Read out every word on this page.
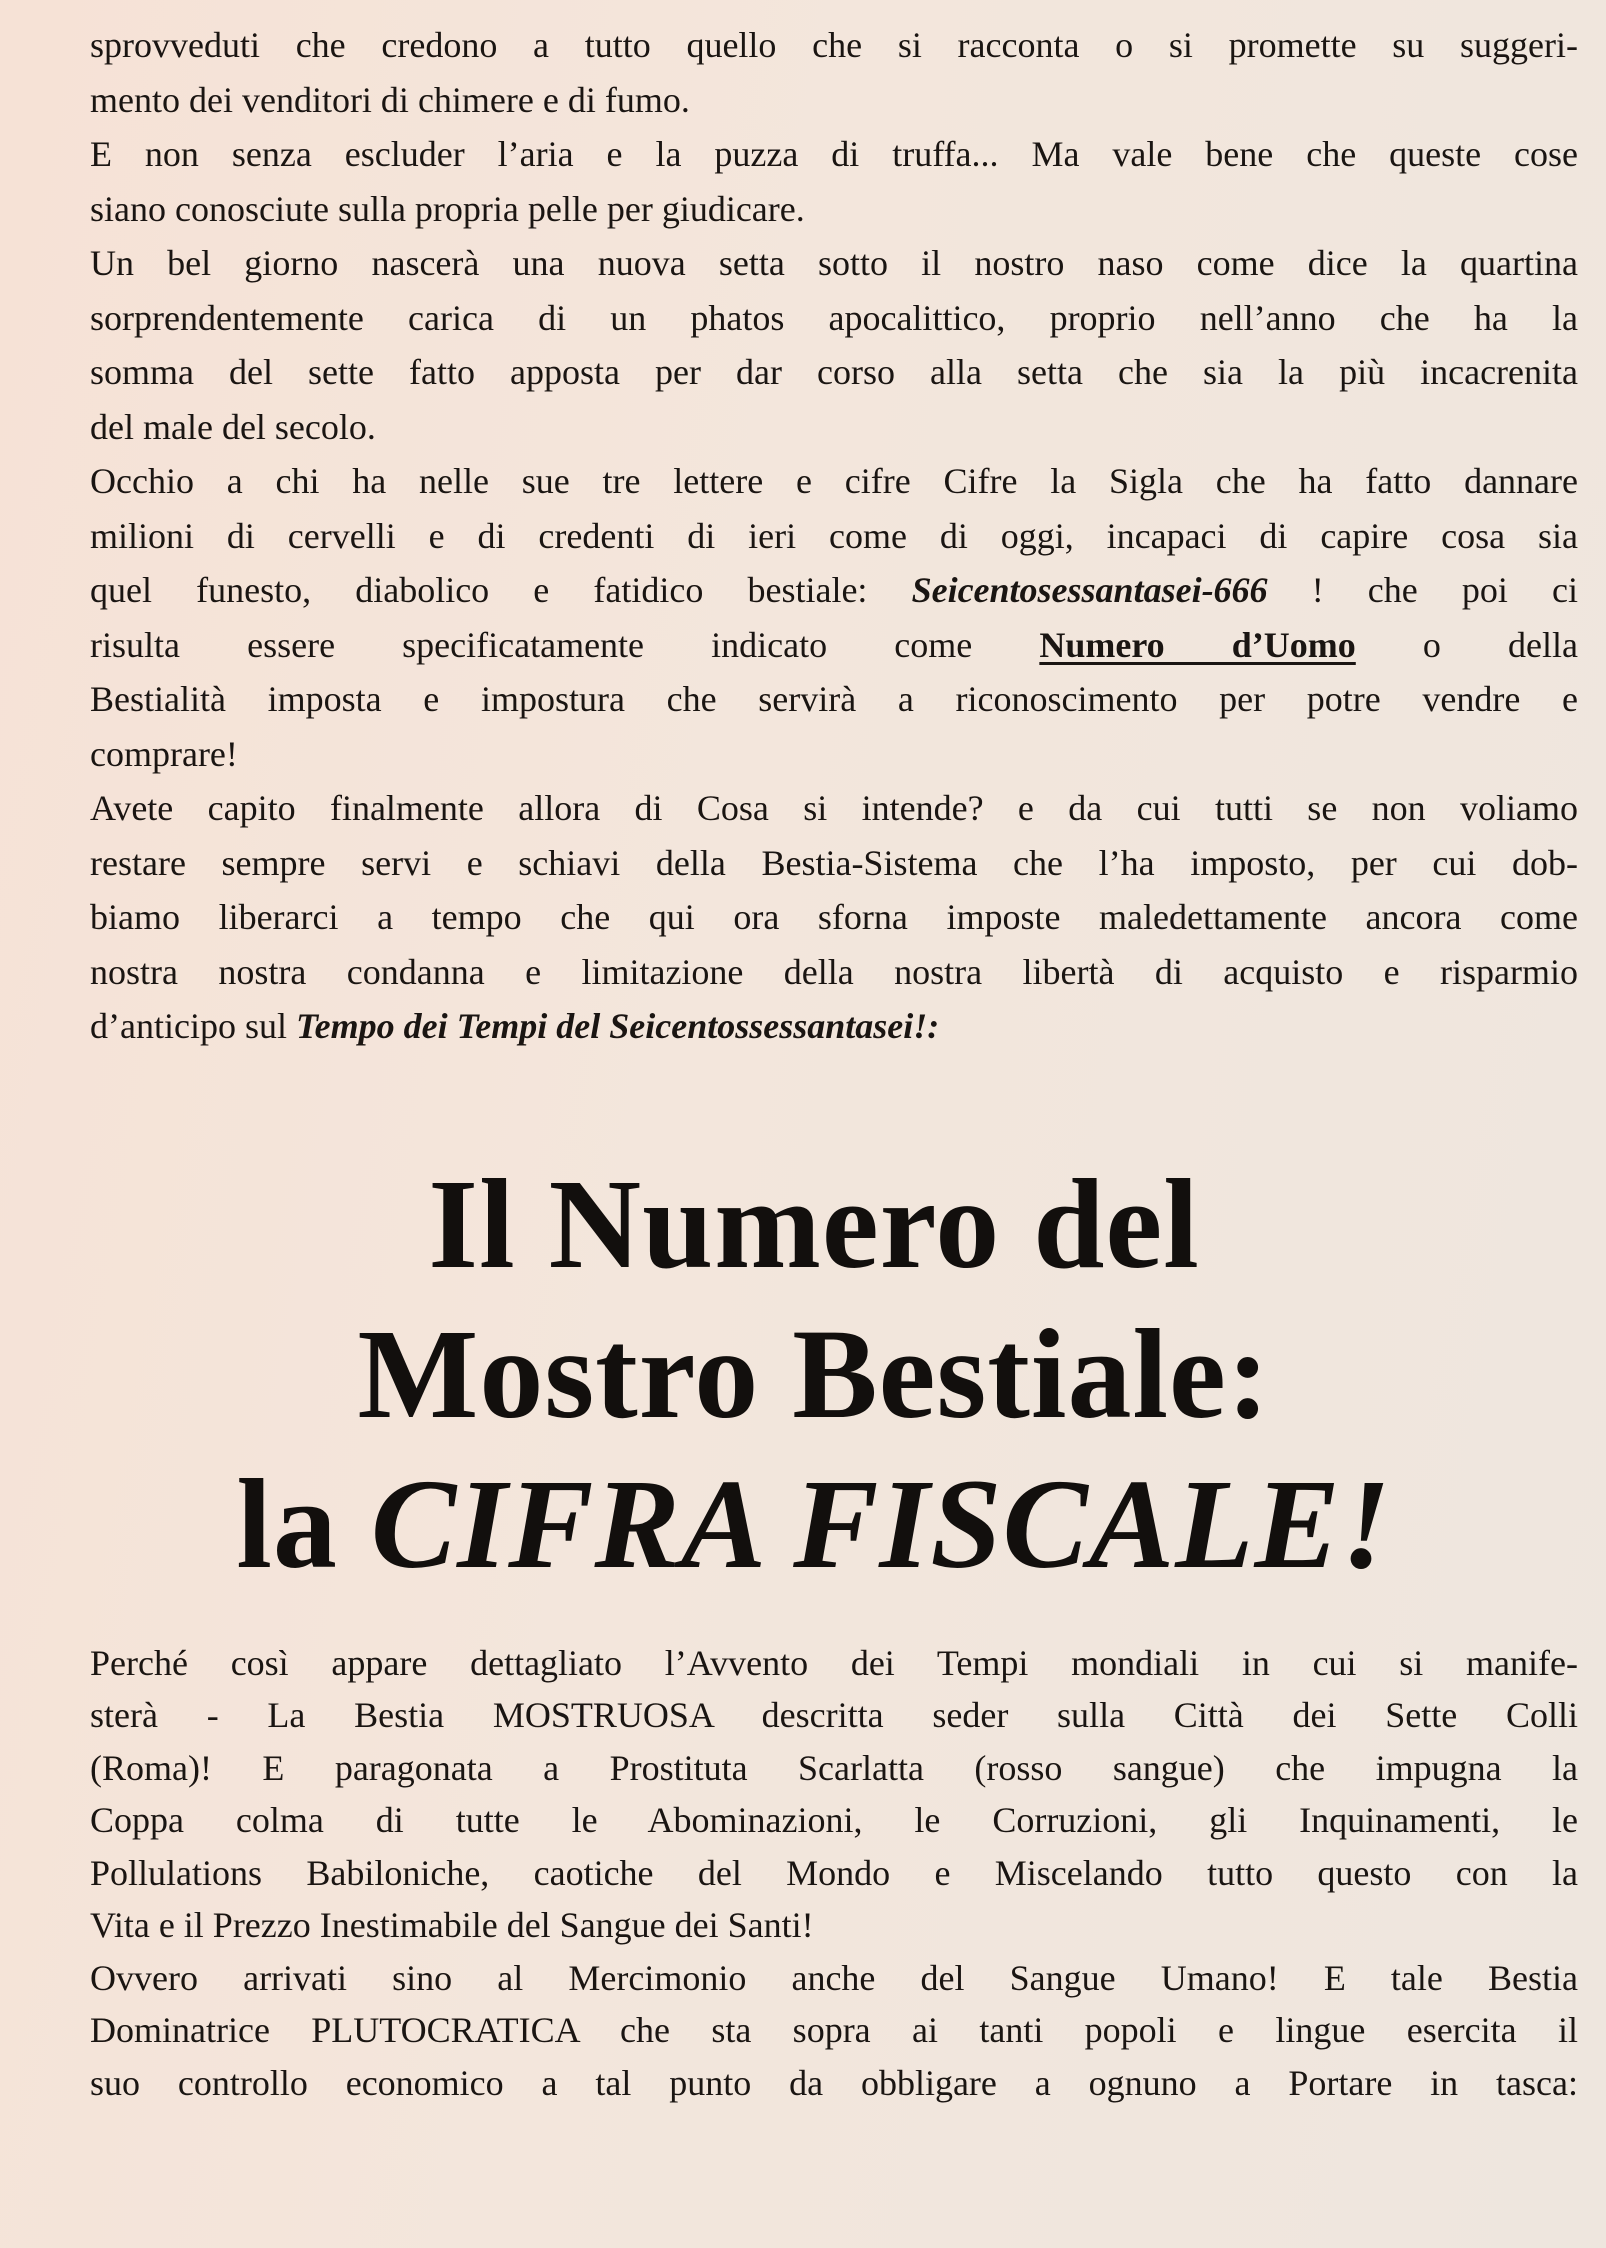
sprovveduti che credono a tutto quello che si racconta o si promette su suggeri-
mento dei venditori di chimere e di fumo.

E non senza escluder l’aria e la puzza di truffa... Ma vale bene che queste cose
siano conosciute sulla propria pelle per giudicare.

Un bel giorno nascerà una nuova setta sotto il nostro naso come dice la quartina
sorprendentemente carica di un phatos apocalittico, proprio nell’anno che ha la
somma del sette fatto apposta per dar corso alla setta che sia la più incacrenita
del male del secolo.

Occhio a chi ha nelle sue tre lettere e cifre Cifre la Sigla che ha fatto dannare
milioni di cervelli e di credenti di ieri come di oggi, incapaci di capire cosa sia
quel funesto, diabolico e fatidico bestiale: Seicentosessantasei-666 ! che poi ci
risulta essere specificatamente indicato come Numero d’Uomo o della
Bestialità imposta e impostura che servirà a riconoscimento per potre vendre e
comprare!

Avete capito finalmente allora di Cosa si intende? e da cui tutti se non voliamo
restare sempre servi e schiavi della Bestia-Sistema che l’ha imposto, per cui dob-
biamo liberarci a tempo che qui ora sforna imposte maledettamente ancora come
nostra nostra condanna e limitazione della nostra libertà di acquisto e risparmio
d’anticipo sul Tempo dei Tempi del Seicentossessantasei!:

Il Numero del
Mostro Bestiale:
la CIFRA FISCALE!

Perché così appare dettagliato l’Avvento dei Tempi mondiali in cui si manife-
sterà - La Bestia MOSTRUOSA descritta seder sulla Città dei Sette Colli
(Roma)! E paragonata a Prostituta Scarlatta (rosso sangue) che impugna la
Coppa colma di tutte le Abominazioni, le Corruzioni, gli Inquinamenti, le
Pollulations Babiloniche, caotiche del Mondo e Miscelando tutto questo con la
Vita e il Prezzo Inestimabile del Sangue dei Santi!

Ovvero arrivati sino al Mercimonio anche del Sangue Umano! E tale Bestia
Dominatrice PLUTOCRATICA che sta sopra ai tanti popoli e lingue esercita il
suo controllo economico a tal punto da obbligare a ognuno a Portare in tasca:
